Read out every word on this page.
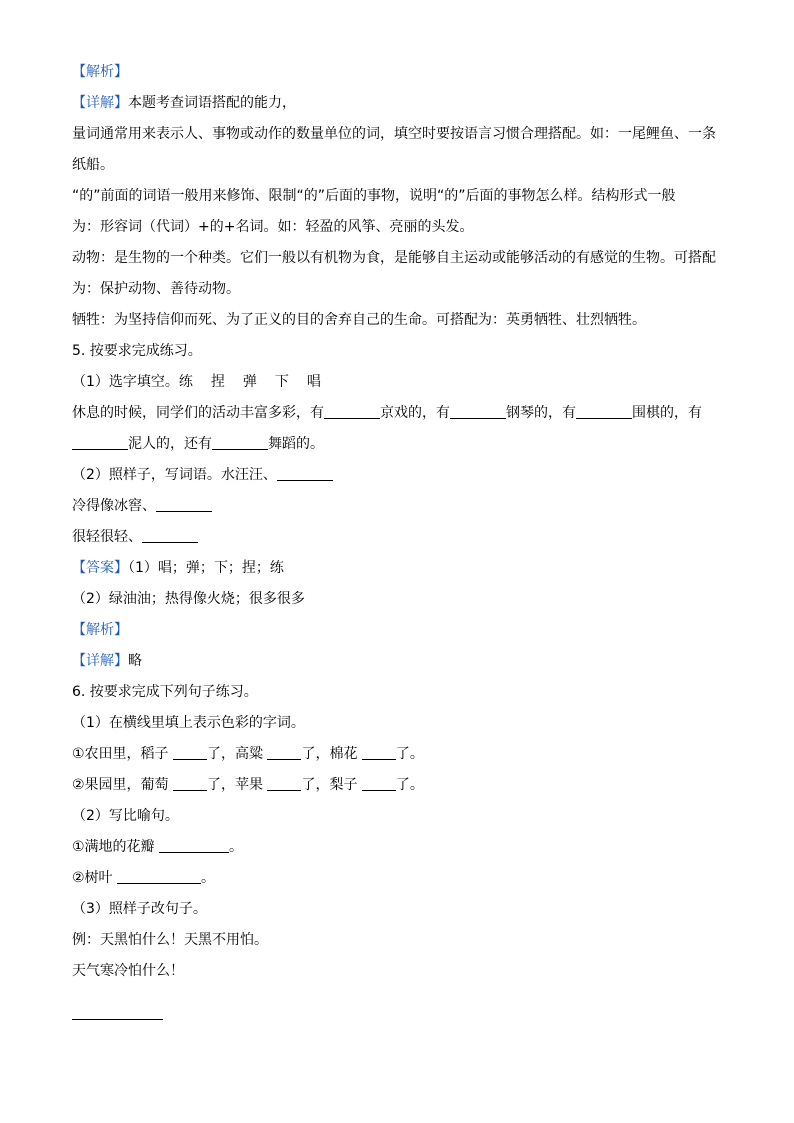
【解析】
【详解】本题考查词语搭配的能力，
量词通常用来表示人、事物或动作的数量单位的词，填空时要按语言习惯合理搭配。如：一尾鲤鱼、一条
纸船。
“的”前面的词语一般用来修饰、限制“的”后面的事物，说明“的”后面的事物怎么样。结构形式一般
为：形容词（代词）+的+名词。如：轻盈的风筝、亮丽的头发。
动物：是生物的一个种类。它们一般以有机物为食，是能够自主运动或能够活动的有感觉的生物。可搭配
为：保护动物、善待动物。
牺牲：为坚持信仰而死、为了正义的目的舍弃自己的生命。可搭配为：英勇牺牲、壮烈牺牲。
5. 按要求完成练习。
（1）选字填空。练 捏 弹 下 唱
休息的时候，同学们的活动丰富多彩，有	京戏的，有	钢琴的，有	围棋的，有
泥人的，还有	舞蹈的。
（2）照样子，写词语。水汪汪、
冷得像冰窖、
很轻很轻、
【答案】（1）唱；弹；下；捏；练
（2）绿油油；热得像火烧；很多很多
【解析】
【详解】略
6. 按要求完成下列句子练习。
（1）在横线里填上表示色彩的字词。
①农田里，稻子	了，高粱	了，棉花	了。
②果园里，葡萄	了，苹果	了，梨子	了。
（2）写比喻句。
①满地的花瓣	。
②树叶	。
（3）照样子改句子。
例：天黑怕什么！天黑不用怕。
天气寒冷怕什么！
